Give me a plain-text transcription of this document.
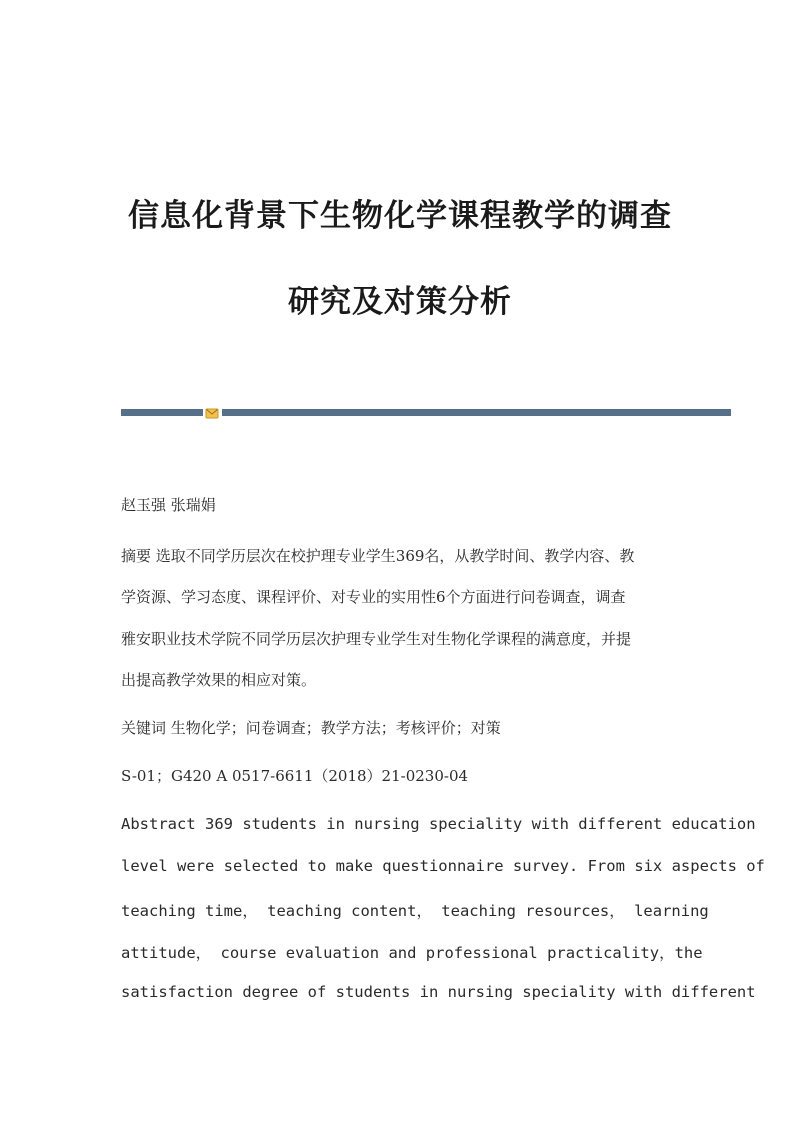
信息化背景下生物化学课程教学的调查
研究及对策分析
赵玉强 张瑞娟
摘要 选取不同学历层次在校护理专业学生369名，从教学时间、教学内容、教
学资源、学习态度、课程评价、对专业的实用性6个方面进行问卷调查，调查
雅安职业技术学院不同学历层次护理专业学生对生物化学课程的满意度，并提
出提高教学效果的相应对策。
关键词 生物化学；问卷调查；教学方法；考核评价；对策
S-01；G420 A 0517-6611（2018）21-0230-04
Abstract 369 students in nursing speciality with different education
level were selected to make questionnaire survey. From six aspects of
teaching time， teaching content， teaching resources， learning
attitude， course evaluation and professional practicality，the
satisfaction degree of students in nursing speciality with different
